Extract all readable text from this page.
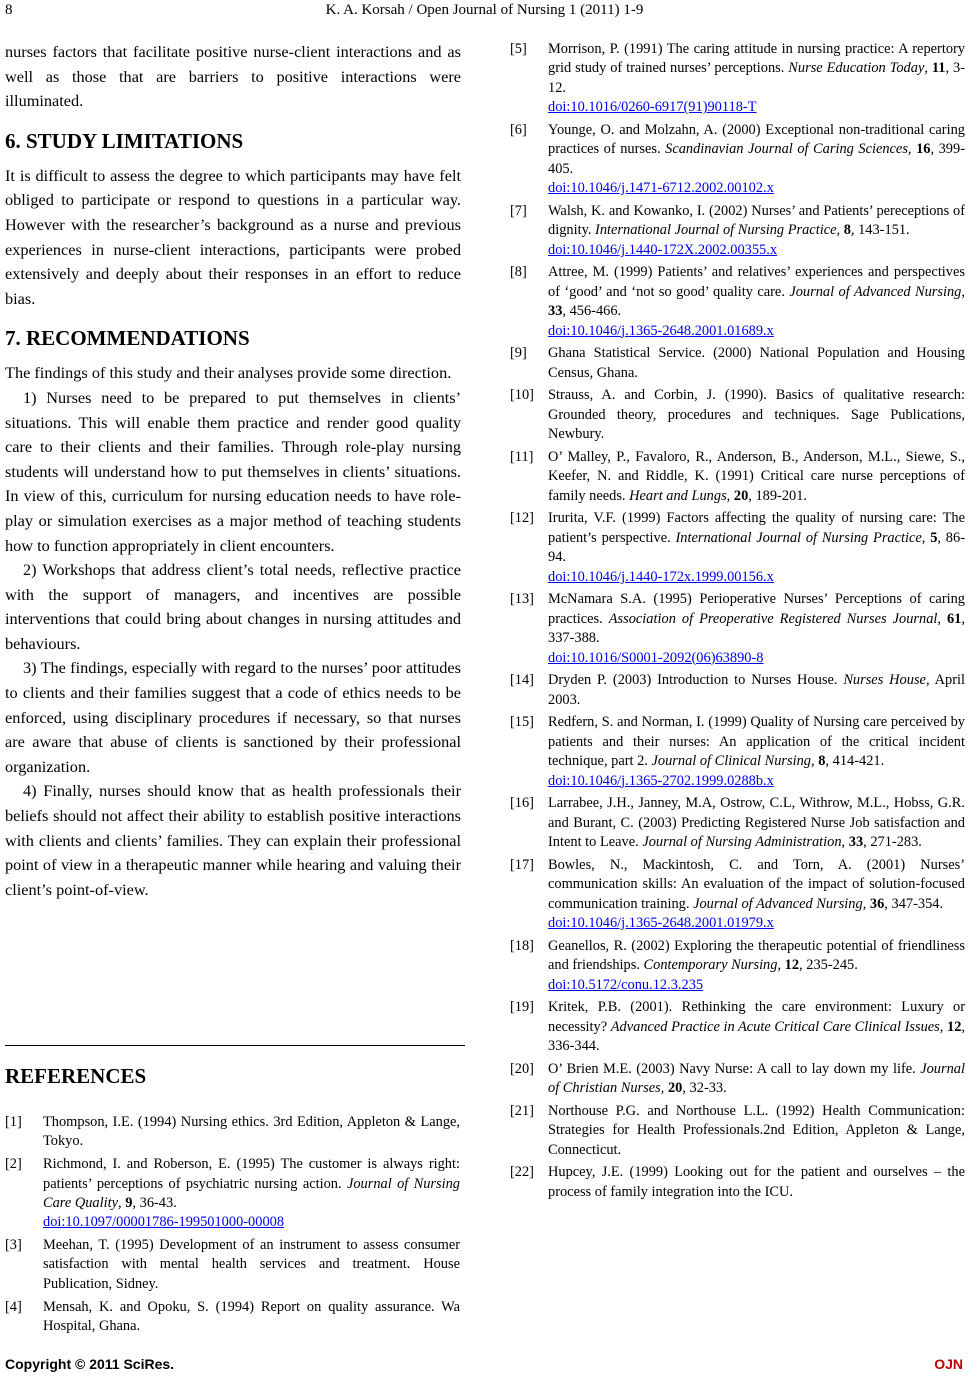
8	K. A. Korsah / Open Journal of Nursing 1 (2011) 1-9

nurses factors that facilitate positive nurse-client interactions and as well as those that are barriers to positive interactions were illuminated.

6. STUDY LIMITATIONS

It is difficult to assess the degree to which participants may have felt obliged to participate or respond to questions in a particular way. However with the researcher’s background as a nurse and previous experiences in nurse-client interactions, participants were probed extensively and deeply about their responses in an effort to reduce bias.

7. RECOMMENDATIONS

The findings of this study and their analyses provide some direction.

1) Nurses need to be prepared to put themselves in clients’ situations. This will enable them practice and render good quality care to their clients and their families. Through role-play nursing students will understand how to put themselves in clients’ situations. In view of this, curriculum for nursing education needs to have role-play or simulation exercises as a major method of teaching students how to function appropriately in client encounters.

2) Workshops that address client’s total needs, reflective practice with the support of managers, and incentives are possible interventions that could bring about changes in nursing attitudes and behaviours.

3) The findings, especially with regard to the nurses’ poor attitudes to clients and their families suggest that a code of ethics needs to be enforced, using disciplinary procedures if necessary, so that nurses are aware that abuse of clients is sanctioned by their professional organization.

4) Finally, nurses should know that as health professionals their beliefs should not affect their ability to establish positive interactions with clients and clients’ families. They can explain their professional point of view in a therapeutic manner while hearing and valuing their client’s point-of-view.

REFERENCES
[1]	Thompson, I.E. (1994) Nursing ethics. 3rd Edition, Appleton & Lange, Tokyo.
[2]	Richmond, I. and Roberson, E. (1995) The customer is always right: patients’ perceptions of psychiatric nursing action. Journal of Nursing Care Quality, 9, 36-43.
doi:10.1097/00001786-199501000-00008
[3]	Meehan, T. (1995) Development of an instrument to assess consumer satisfaction with mental health services and treatment. House Publication, Sidney.
[4]	Mensah, K. and Opoku, S. (1994) Report on quality assurance. Wa Hospital, Ghana.
[5]	Morrison, P. (1991) The caring attitude in nursing practice: A repertory grid study of trained nurses’ perceptions. Nurse Education Today, 11, 3-12.
doi:10.1016/0260-6917(91)90118-T
[6]	Younge, O. and Molzahn, A. (2000) Exceptional non-traditional caring practices of nurses. Scandinavian Journal of Caring Sciences, 16, 399-405.
doi:10.1046/j.1471-6712.2002.00102.x
[7]	Walsh, K. and Kowanko, I. (2002) Nurses’ and Patients’ pereceptions of dignity. International Journal of Nursing Practice, 8, 143-151.
doi:10.1046/j.1440-172X.2002.00355.x
[8]	Attree, M. (1999) Patients’ and relatives’ experiences and perspectives of ‘good’ and ‘not so good’ quality care. Journal of Advanced Nursing, 33, 456-466.
doi:10.1046/j.1365-2648.2001.01689.x
[9]	Ghana Statistical Service. (2000) National Population and Housing Census, Ghana.
[10] Strauss, A. and Corbin, J. (1990). Basics of qualitative research: Grounded theory, procedures and techniques. Sage Publications, Newbury.
[11]	O’ Malley, P., Favaloro, R., Anderson, B., Anderson, M.L., Siewe, S., Keefer, N. and Riddle, K. (1991) Critical care nurse perceptions of family needs. Heart and Lungs, 20, 189-201.
[12] Irurita, V.F. (1999) Factors affecting the quality of nursing care: The patient’s perspective. International Journal of Nursing Practice, 5, 86-94.
doi:10.1046/j.1440-172x.1999.00156.x
[13] McNamara S.A. (1995) Perioperative Nurses’ Perceptions of caring practices. Association of Preoperative Registered Nurses Journal, 61, 337-388.
doi:10.1016/S0001-2092(06)63890-8
[14] Dryden P. (2003) Introduction to Nurses House. Nurses House, April 2003.
[15] Redfern, S. and Norman, I. (1999) Quality of Nursing care perceived by patients and their nurses: An application of the critical incident technique, part 2. Journal of Clinical Nursing, 8, 414-421.
doi:10.1046/j.1365-2702.1999.0288b.x
[16] Larrabee, J.H., Janney, M.A, Ostrow, C.L, Withrow, M.L., Hobss, G.R. and Burant, C. (2003) Predicting Registered Nurse Job satisfaction and Intent to Leave. Journal of Nursing Administration, 33, 271-283.
[17] Bowles, N., Mackintosh, C. and Torn, A. (2001) Nurses’ communication skills: An evaluation of the impact of solution-focused communication training. Journal of Advanced Nursing, 36, 347-354.
doi:10.1046/j.1365-2648.2001.01979.x
[18] Geanellos, R. (2002) Exploring the therapeutic potential of friendliness and friendships. Contemporary Nursing, 12, 235-245.
doi:10.5172/conu.12.3.235
[19] Kritek, P.B. (2001). Rethinking the care environment: Luxury or necessity? Advanced Practice in Acute Critical Care Clinical Issues, 12, 336-344.
[20] O’ Brien M.E. (2003) Navy Nurse: A call to lay down my life. Journal of Christian Nurses, 20, 32-33.
[21] Northouse P.G. and Northouse L.L. (1992) Health Communication: Strategies for Health Professionals.2nd Edition, Appleton & Lange, Connecticut.
[22] Hupcey, J.E. (1999) Looking out for the patient and ourselves – the process of family integration into the ICU.
Copyright © 2011 SciRes.	OJN
